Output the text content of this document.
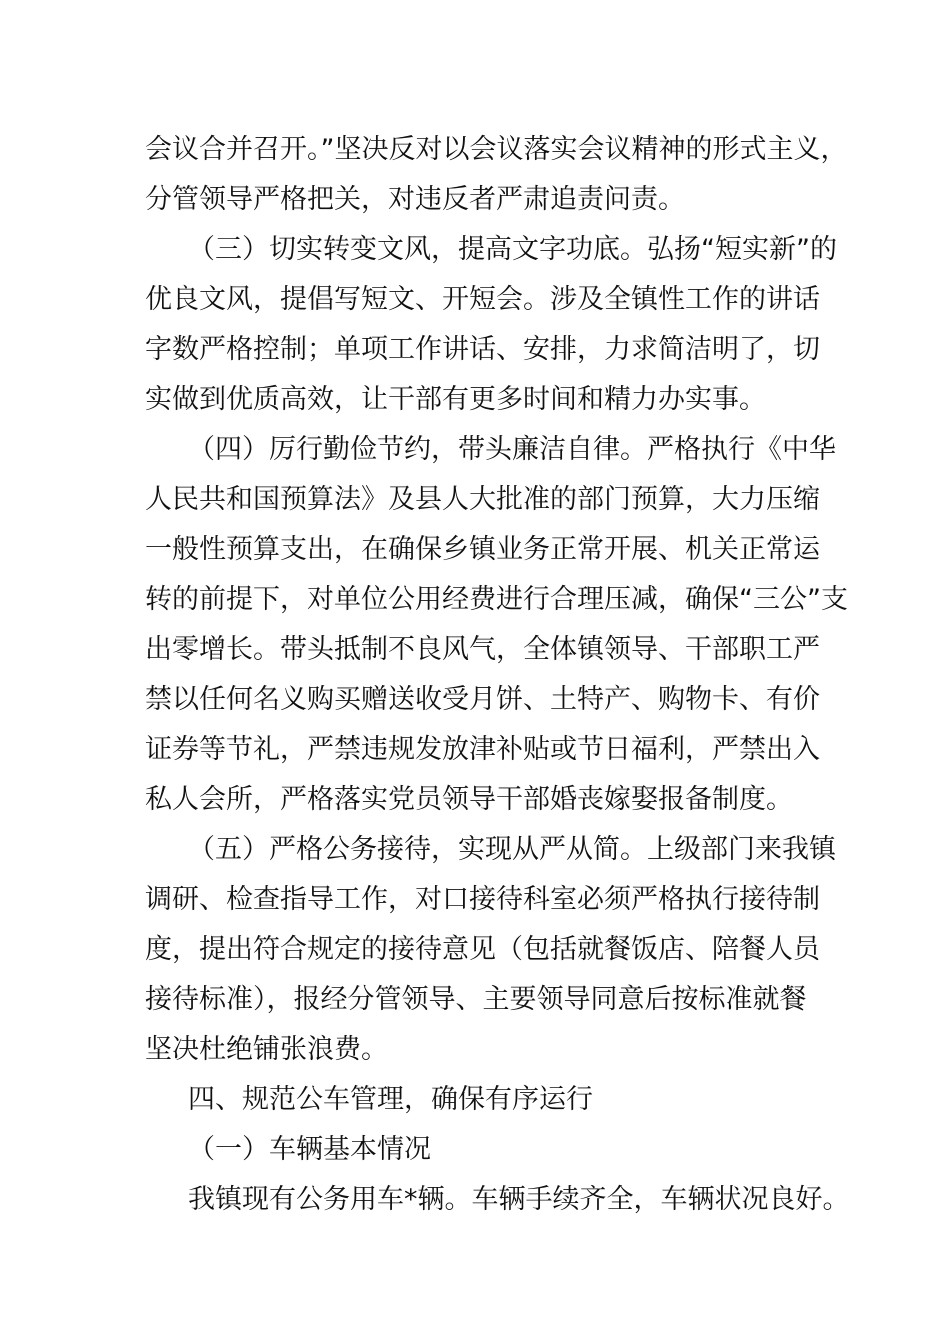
会议合并召开。”坚决反对以会议落实会议精神的形式主义，
分管领导严格把关，对违反者严肃追责问责。
（三）切实转变文风，提高文字功底。弘扬“短实新”的
优良文风，提倡写短文、开短会。涉及全镇性工作的讲话
字数严格控制；单项工作讲话、安排，力求简洁明了，切
实做到优质高效，让干部有更多时间和精力办实事。
（四）厉行勤俭节约，带头廉洁自律。严格执行《中华
人民共和国预算法》及县人大批准的部门预算，大力压缩
一般性预算支出，在确保乡镇业务正常开展、机关正常运
转的前提下，对单位公用经费进行合理压减，确保“三公”支
出零增长。带头抵制不良风气，全体镇领导、干部职工严
禁以任何名义购买赠送收受月饼、土特产、购物卡、有价
证券等节礼，严禁违规发放津补贴或节日福利，严禁出入
私人会所，严格落实党员领导干部婚丧嫁娶报备制度。
（五）严格公务接待，实现从严从简。上级部门来我镇
调研、检查指导工作，对口接待科室必须严格执行接待制
度，提出符合规定的接待意见（包括就餐饭店、陪餐人员
接待标准），报经分管领导、主要领导同意后按标准就餐
坚决杜绝铺张浪费。
四、规范公车管理，确保有序运行
（一）车辆基本情况
我镇现有公务用车*辆。车辆手续齐全，车辆状况良好。
